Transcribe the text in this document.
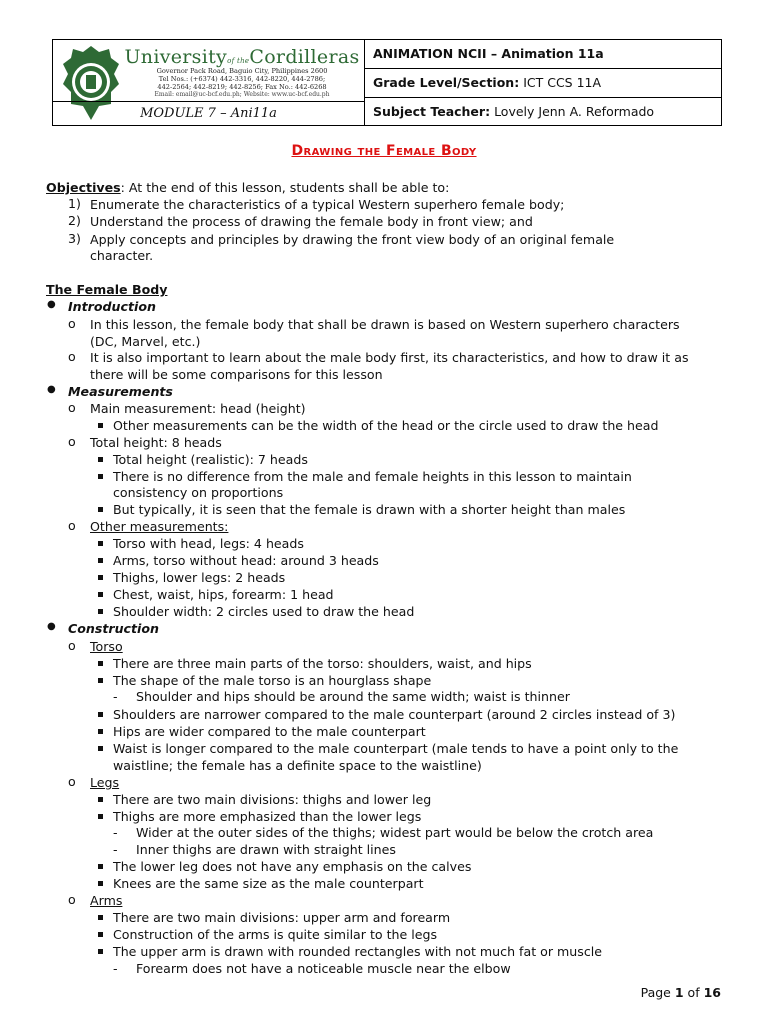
Universityof theCordilleras
Governor Pack Road, Baguio City, Philippines 2600
Tel Nos.: (+6374) 442-3316, 442-8220, 444-2786;
442-2564; 442-8219; 442-8256; Fax No.: 442-6268
Email: email@uc-bcf.edu.ph; Website: www.uc-bcf.edu.ph
MODULE 7 – Ani11a
ANIMATION NCII – Animation 11a
Grade Level/Section: ICT CCS 11A
Subject Teacher: Lovely Jenn A. Reformado
Drawing the Female Body
Objectives: At the end of this lesson, students shall be able to:
1) Enumerate the characteristics of a typical Western superhero female body;
2) Understand the process of drawing the female body in front view; and
3) Apply concepts and principles by drawing the front view body of an original female
character.
The Female Body
● Introduction
o In this lesson, the female body that shall be drawn is based on Western superhero characters
(DC, Marvel, etc.)
o It is also important to learn about the male body first, its characteristics, and how to draw it as
there will be some comparisons for this lesson
● Measurements
o Main measurement: head (height)
Other measurements can be the width of the head or the circle used to draw the head
o Total height: 8 heads
Total height (realistic): 7 heads
There is no difference from the male and female heights in this lesson to maintain
consistency on proportions
But typically, it is seen that the female is drawn with a shorter height than males
o Other measurements:
Torso with head, legs: 4 heads
Arms, torso without head: around 3 heads
Thighs, lower legs: 2 heads
Chest, waist, hips, forearm: 1 head
Shoulder width: 2 circles used to draw the head
● Construction
o Torso
There are three main parts of the torso: shoulders, waist, and hips
The shape of the male torso is an hourglass shape
- Shoulder and hips should be around the same width; waist is thinner
Shoulders are narrower compared to the male counterpart (around 2 circles instead of 3)
Hips are wider compared to the male counterpart
Waist is longer compared to the male counterpart (male tends to have a point only to the
waistline; the female has a definite space to the waistline)
o Legs
There are two main divisions: thighs and lower leg
Thighs are more emphasized than the lower legs
- Wider at the outer sides of the thighs; widest part would be below the crotch area
- Inner thighs are drawn with straight lines
The lower leg does not have any emphasis on the calves
Knees are the same size as the male counterpart
o Arms
There are two main divisions: upper arm and forearm
Construction of the arms is quite similar to the legs
The upper arm is drawn with rounded rectangles with not much fat or muscle
- Forearm does not have a noticeable muscle near the elbow
Page 1 of 16
